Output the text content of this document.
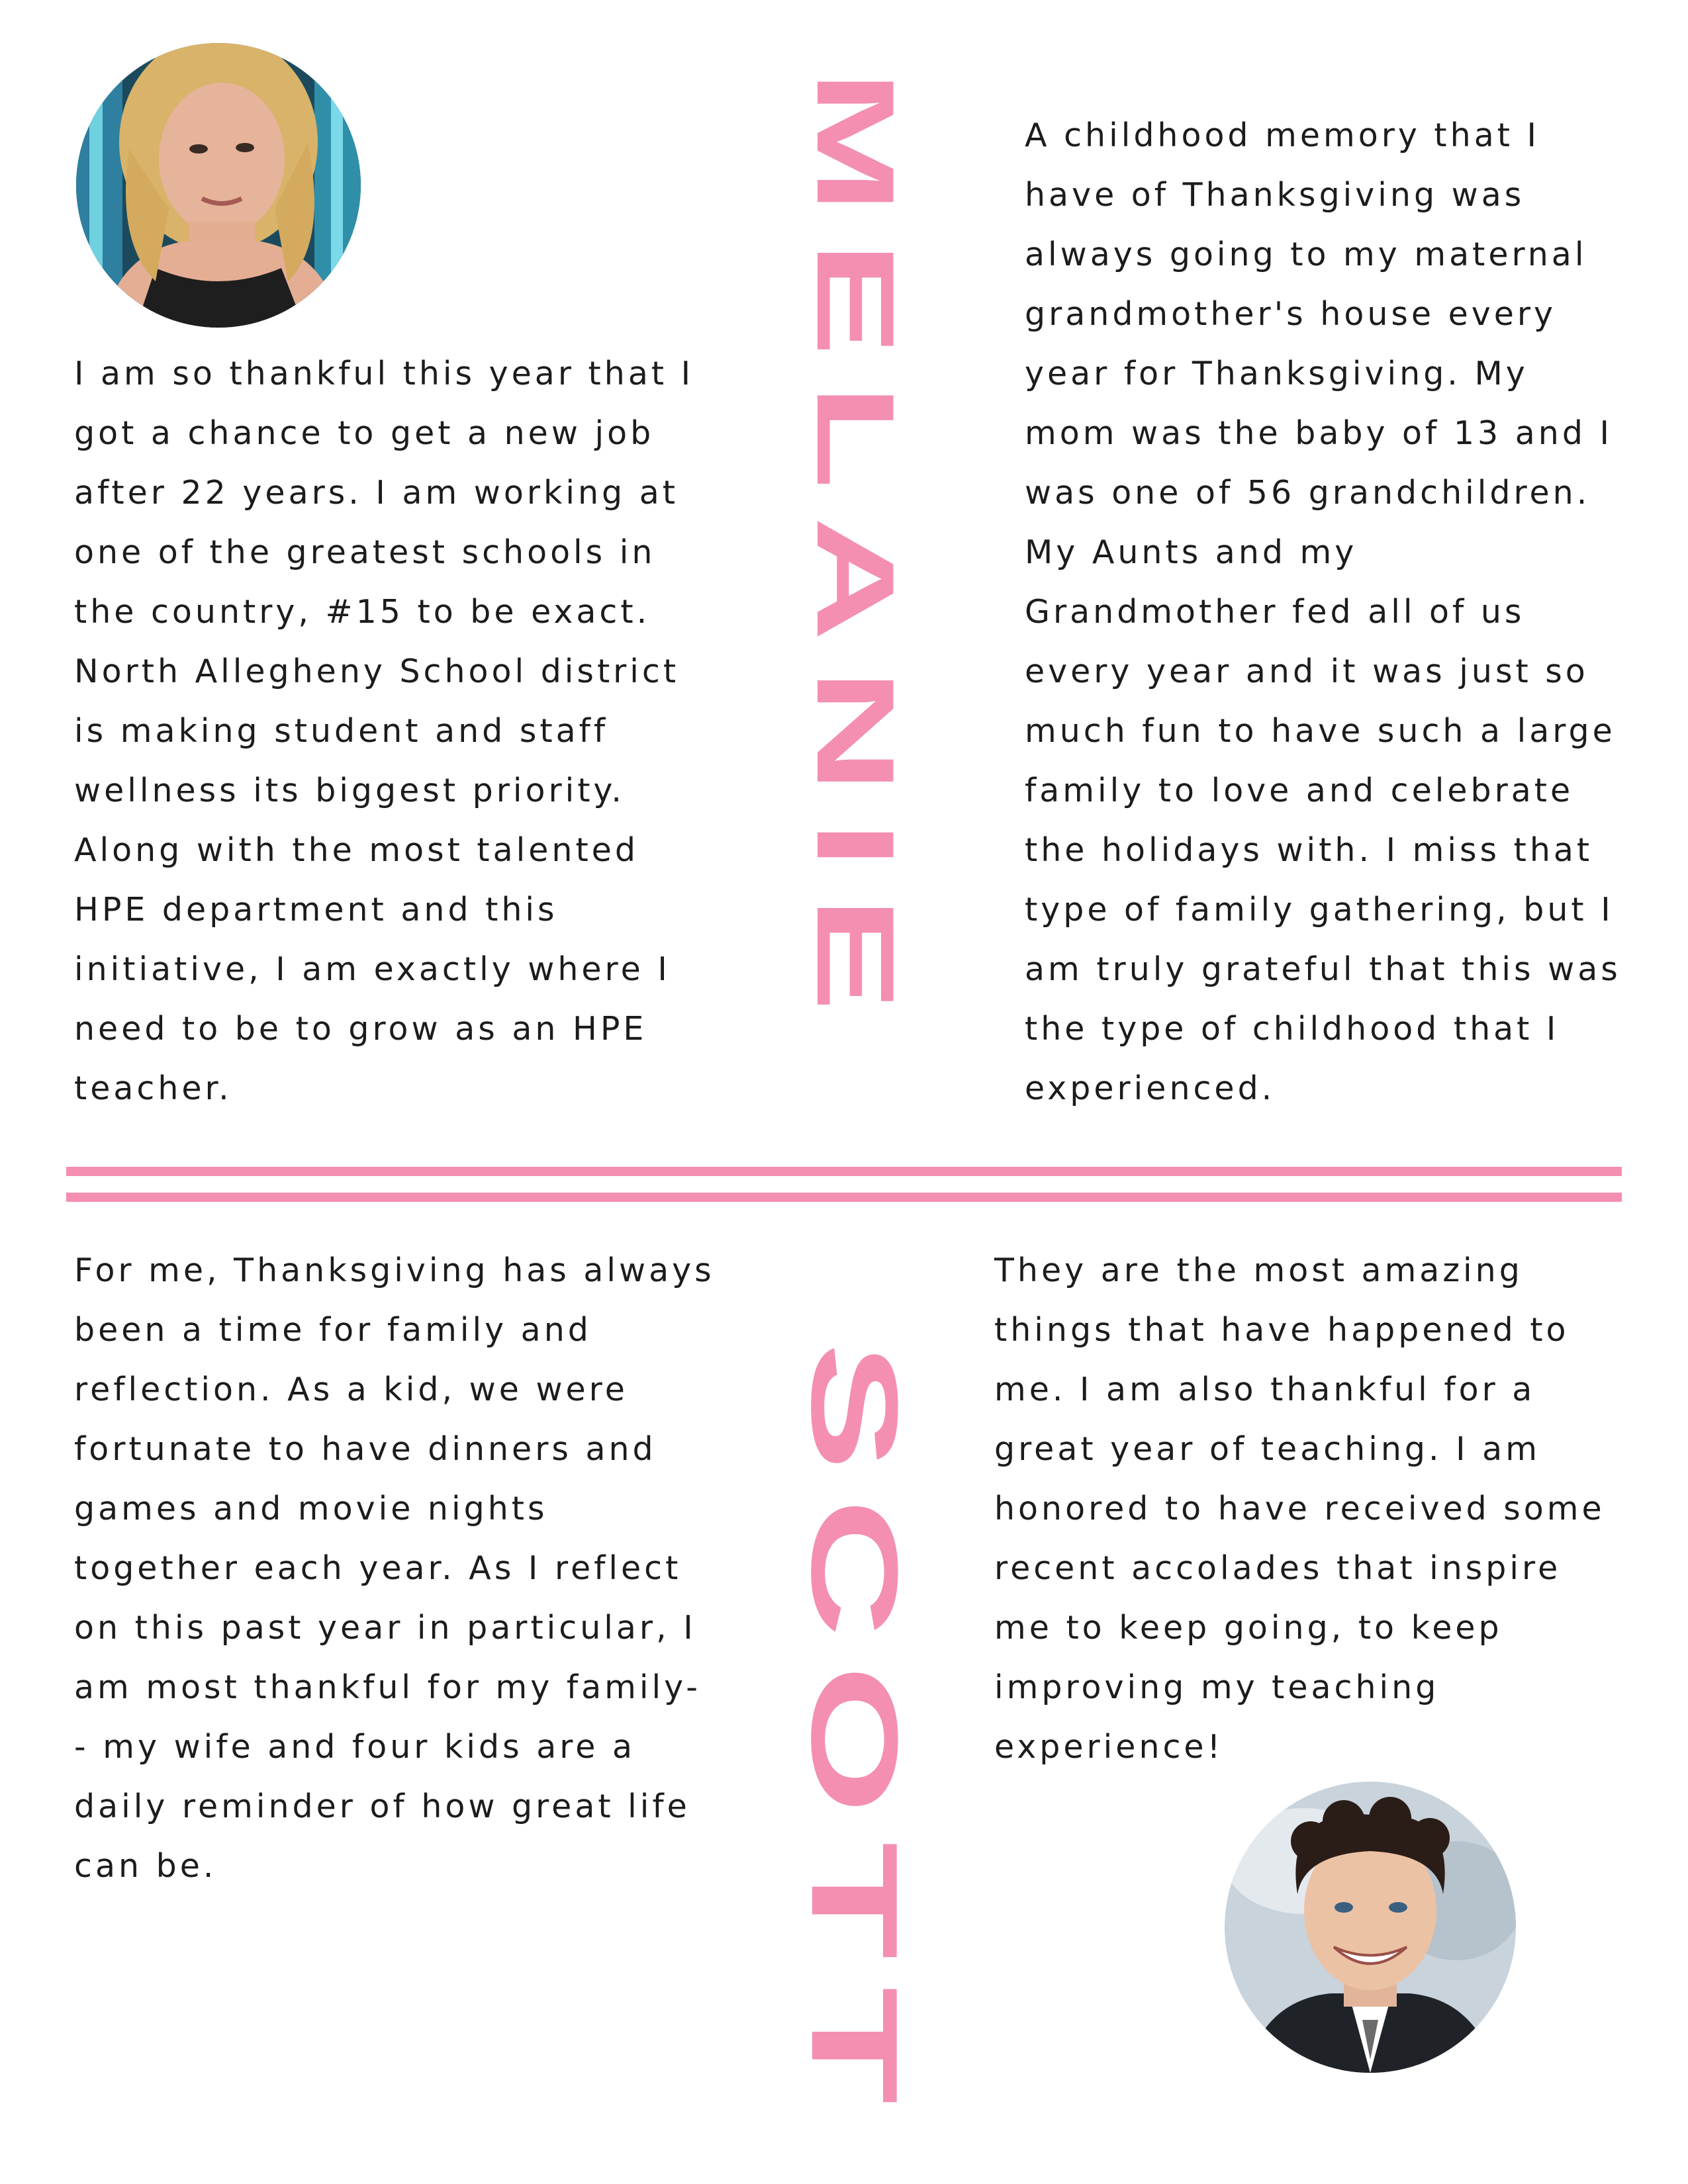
I am so thankful this year that I
got a chance to get a new job
after 22 years. I am working at
one of the greatest schools in
the country, #15 to be exact.
North Allegheny School district
is making student and staff
wellness its biggest priority.
Along with the most talented
HPE department and this
initiative, I am exactly where I
need to be to grow as an HPE
teacher.

MELANIE	A childhood memory that I
have of Thanksgiving was
always going to my maternal
grandmother's house every
year for Thanksgiving. My
mom was the baby of 13 and I
was one of 56 grandchildren.
My Aunts and my
Grandmother fed all of us
every year and it was just so
much fun to have such a large
family to love and celebrate
the holidays with. I miss that
type of family gathering, but I
am truly grateful that this was
the type of childhood that I
experienced.

For me, Thanksgiving has always
been a time for family and
reflection. As a kid, we were
fortunate to have dinners and
games and movie nights
together each year. As I reflect
on this past year in particular, I
am most thankful for my family-
- my wife and four kids are a
daily reminder of how great life
can be.	SCOTT

They are the most amazing
things that have happened to
me. I am also thankful for a
great year of teaching. I am
honored to have received some
recent accolades that inspire
me to keep going, to keep
improving my teaching
experience!
